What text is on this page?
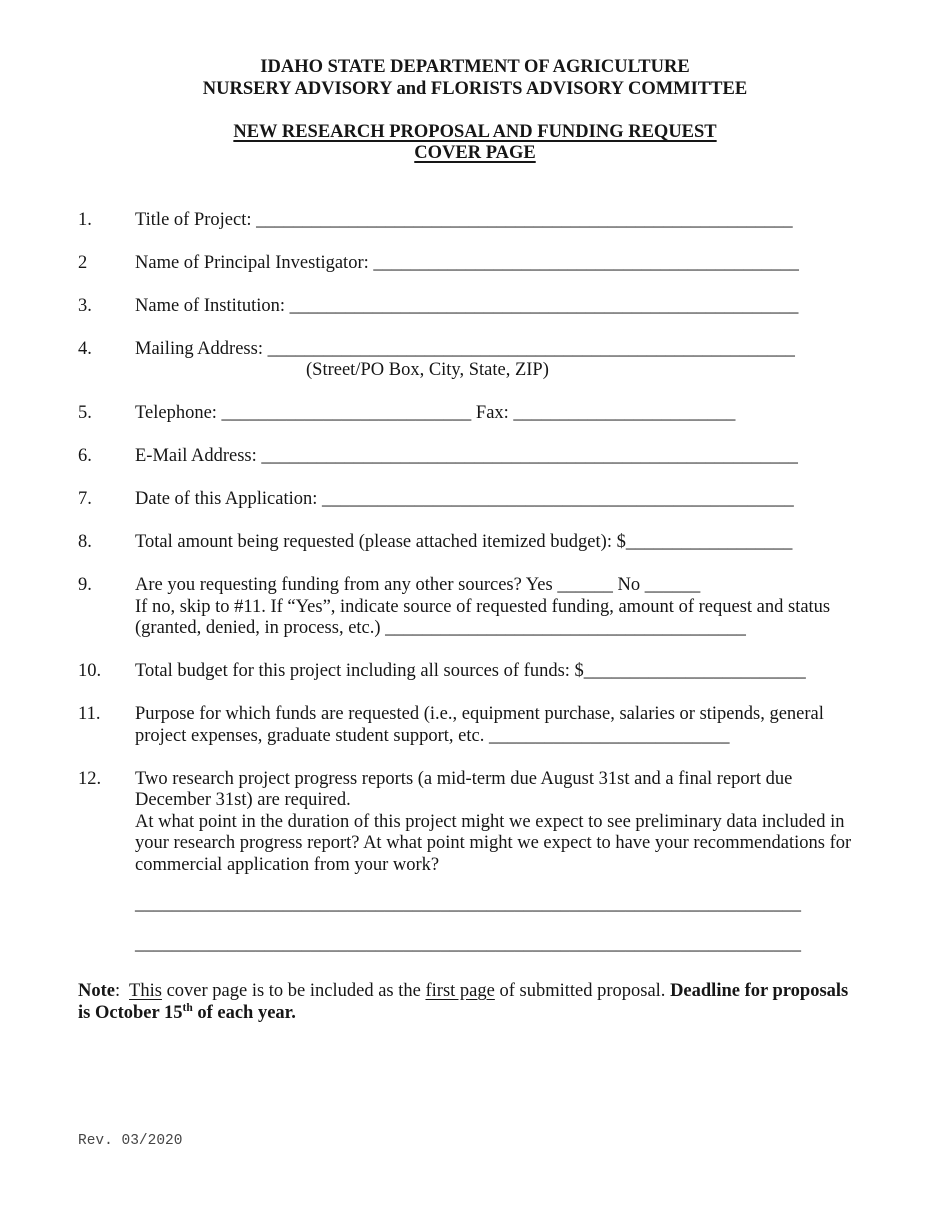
IDAHO STATE DEPARTMENT OF AGRICULTURE
NURSERY ADVISORY and FLORISTS ADVISORY COMMITTEE
NEW RESEARCH PROPOSAL AND FUNDING REQUEST
COVER PAGE
1.	Title of Project: __________________________________________________________
2	Name of Principal Investigator: ______________________________________________
3.	Name of Institution: _______________________________________________________
4.	Mailing Address: _________________________________________________________
(Street/PO Box, City, State, ZIP)
5.	Telephone: ___________________________ Fax: ________________________
6.	E-Mail Address: __________________________________________________________
7.	Date of this Application: ___________________________________________________
8.	Total amount being requested (please attached itemized budget): $__________________
9.	Are you requesting funding from any other sources? Yes ______ No ______
If no, skip to #11. If “Yes”, indicate source of requested funding, amount of request and status
(granted, denied, in process, etc.) _______________________________________
10.	Total budget for this project including all sources of funds: $________________________
11.	Purpose for which funds are requested (i.e., equipment purchase, salaries or stipends, general
project expenses, graduate student support, etc. __________________________
12.	Two research project progress reports (a mid-term due August 31st and a final report due
December 31st) are required.
At what point in the duration of this project might we expect to see preliminary data included in
your research progress report? At what point might we expect to have your recommendations for
commercial application from your work?
________________________________________________________________________
________________________________________________________________________
Note:  This cover page is to be included as the first page of submitted proposal. Deadline for proposals
is October 15th of each year.
Rev. 03/2020
